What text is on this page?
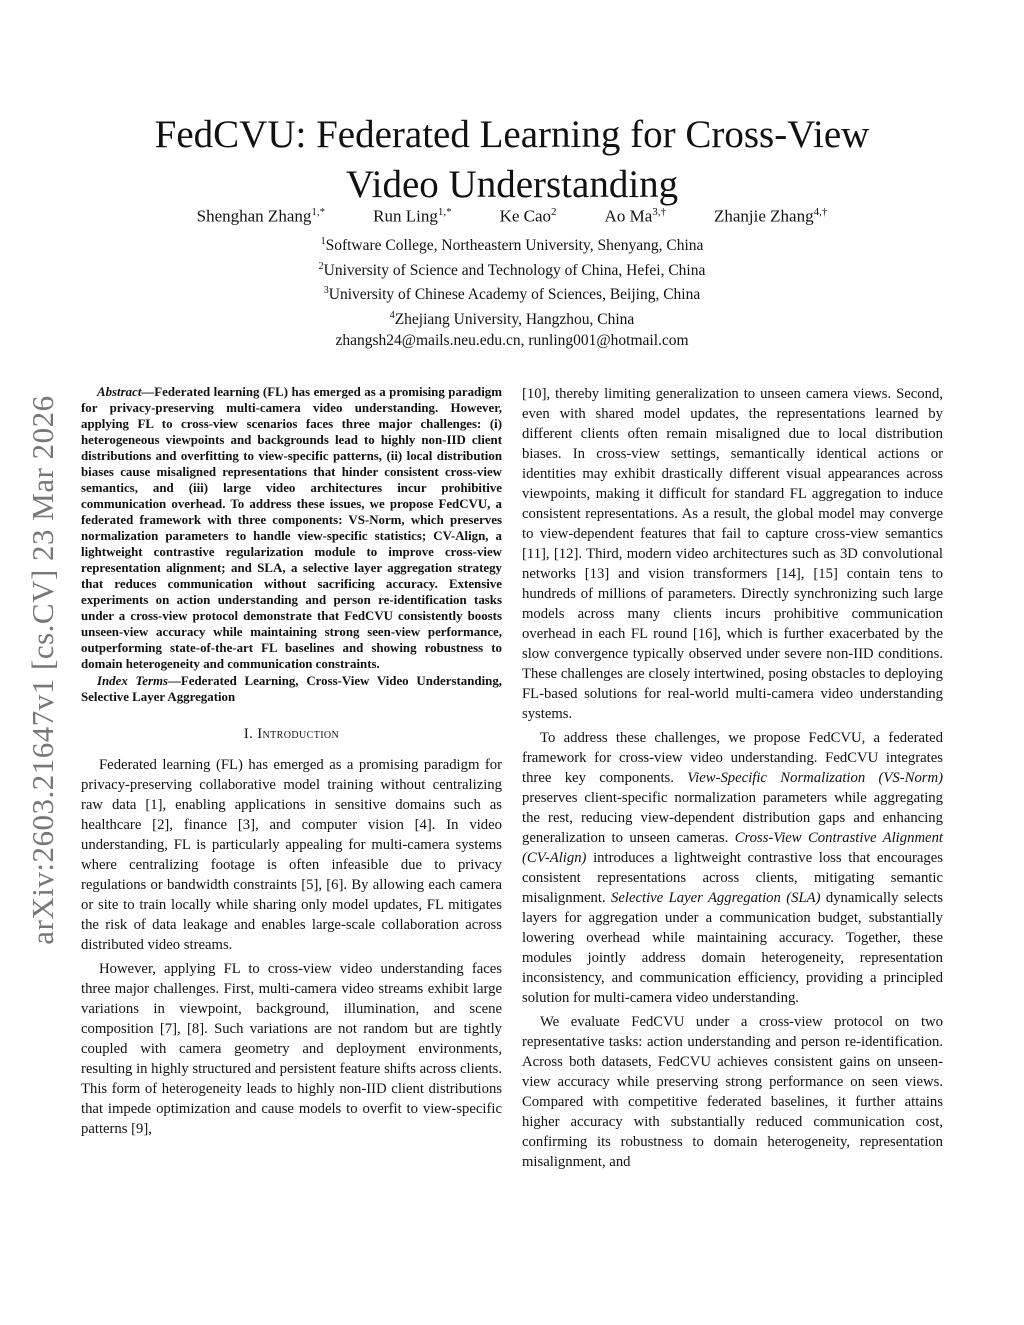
arXiv:2603.21647v1 [cs.CV] 23 Mar 2026
FedCVU: Federated Learning for Cross-View
Video Understanding
Shenghan Zhang$^{1,*}$	Run Ling$^{1,*}$	Ke Cao$^2$	Ao $Ma^{3,\dagger}$	Zhanjie Zhang$^{4,\dagger}$
$^1$Software College, Northeastern University, Shenyang, China
$^2$University of Science and Technology of China, Hefei, China
$^3$University of Chinese Academy of Sciences, Beijing, China
$^4$Zhejiang University, Hangzhou, China
zhangsh24@mails.neu.edu.cn, runling001@hotmail.com

Abstract—Federated learning (FL) has emerged as a promising paradigm for privacy-preserving multi-camera video understanding. However, applying FL to cross-view scenarios faces three major challenges: (i) heterogeneous viewpoints and backgrounds lead to highly non-IID client distributions and overfitting to view-specific patterns, (ii) local distribution biases cause misaligned representations that hinder consistent cross-view semantics, and (iii) large video architectures incur prohibitive communication overhead. To address these issues, we propose FedCVU, a federated framework with three components: VS-Norm, which preserves normalization parameters to handle view-specific statistics; CV-Align, a lightweight contrastive regularization module to improve cross-view representation alignment; and SLA, a selective layer aggregation strategy that reduces communication without sacrificing accuracy. Extensive experiments on action understanding and person re-identification tasks under a cross-view protocol demonstrate that FedCVU consistently boosts unseen-view accuracy while maintaining strong seen-view performance, outperforming state-of-the-art FL baselines and showing robustness to domain heterogeneity and communication constraints.

Index Terms—Federated Learning, Cross-View Video Understanding, Selective Layer Aggregation

I. Introduction

Federated learning (FL) has emerged as a promising paradigm for privacy-preserving collaborative model training without centralizing raw data [1], enabling applications in sensitive domains such as healthcare [2], finance [3], and computer vision [4]. In video understanding, FL is particularly appealing for multi-camera systems where centralizing footage is often infeasible due to privacy regulations or bandwidth constraints [5], [6]. By allowing each camera or site to train locally while sharing only model updates, FL mitigates the risk of data leakage and enables large-scale collaboration across distributed video streams.

However, applying FL to cross-view video understanding faces three major challenges. First, multi-camera video streams exhibit large variations in viewpoint, background, illumination, and scene composition [7], [8]. Such variations are not random but are tightly coupled with camera geometry and deployment environments, resulting in highly structured and persistent feature shifts across clients. This form of heterogeneity leads to highly non-IID client distributions that impede optimization and cause models to overfit to view-specific patterns [9],

[10], thereby limiting generalization to unseen camera views. Second, even with shared model updates, the representations learned by different clients often remain misaligned due to local distribution biases. In cross-view settings, semantically identical actions or identities may exhibit drastically different visual appearances across viewpoints, making it difficult for standard FL aggregation to induce consistent representations. As a result, the global model may converge to view-dependent features that fail to capture cross-view semantics [11], [12]. Third, modern video architectures such as 3D convolutional networks [13] and vision transformers [14], [15] contain tens to hundreds of millions of parameters. Directly synchronizing such large models across many clients incurs prohibitive communication overhead in each FL round [16], which is further exacerbated by the slow convergence typically observed under severe non-IID conditions. These challenges are closely intertwined, posing obstacles to deploying FL-based solutions for real-world multi-camera video understanding systems.

To address these challenges, we propose FedCVU, a federated framework for cross-view video understanding. FedCVU integrates three key components. View-Specific Normalization (VS-Norm) preserves client-specific normalization parameters while aggregating the rest, reducing view-dependent distribution gaps and enhancing generalization to unseen cameras. Cross-View Contrastive Alignment (CV-Align) introduces a lightweight contrastive loss that encourages consistent representations across clients, mitigating semantic misalignment. Selective Layer Aggregation (SLA) dynamically selects layers for aggregation under a communication budget, substantially lowering overhead while maintaining accuracy. Together, these modules jointly address domain heterogeneity, representation inconsistency, and communication efficiency, providing a principled solution for multi-camera video understanding.

We evaluate FedCVU under a cross-view protocol on two representative tasks: action understanding and person re-identification. Across both datasets, FedCVU achieves consistent gains on unseen-view accuracy while preserving strong performance on seen views. Compared with competitive federated baselines, it further attains higher accuracy with substantially reduced communication cost, confirming its robustness to domain heterogeneity, representation misalignment, and
